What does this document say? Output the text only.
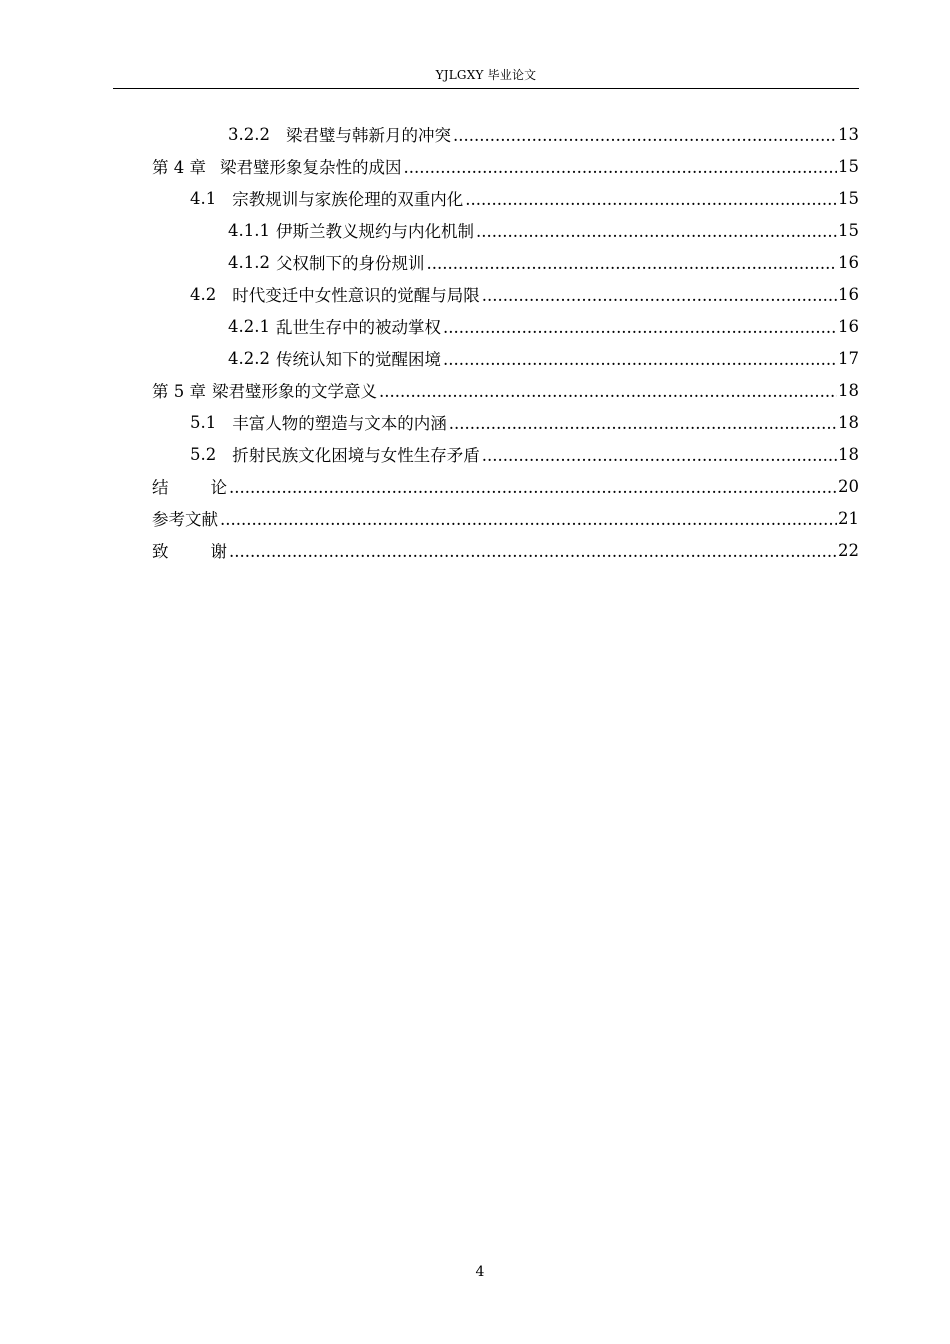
YJLGXY 毕业论文
3.2.2 梁君璧与韩新月的冲突 .....	13
第 4 章 梁君璧形象复杂性的成因 .....	15
4.1 宗教规训与家族伦理的双重内化 .....	15
4.1.1 伊斯兰教义规约与内化机制 .....	15
4.1.2 父权制下的身份规训 .....	16
4.2 时代变迁中女性意识的觉醒与局限 .....	16
4.2.1 乱世生存中的被动掌权 .....	16
4.2.2 传统认知下的觉醒困境 .....	17
第 5 章 梁君璧形象的文学意义 .....	18
5.1 丰富人物的塑造与文本的内涵 .....	18
5.2 折射民族文化困境与女性生存矛盾 .....	18
结论 .....	20
参考文献 .....	21
致谢 .....	22
4
